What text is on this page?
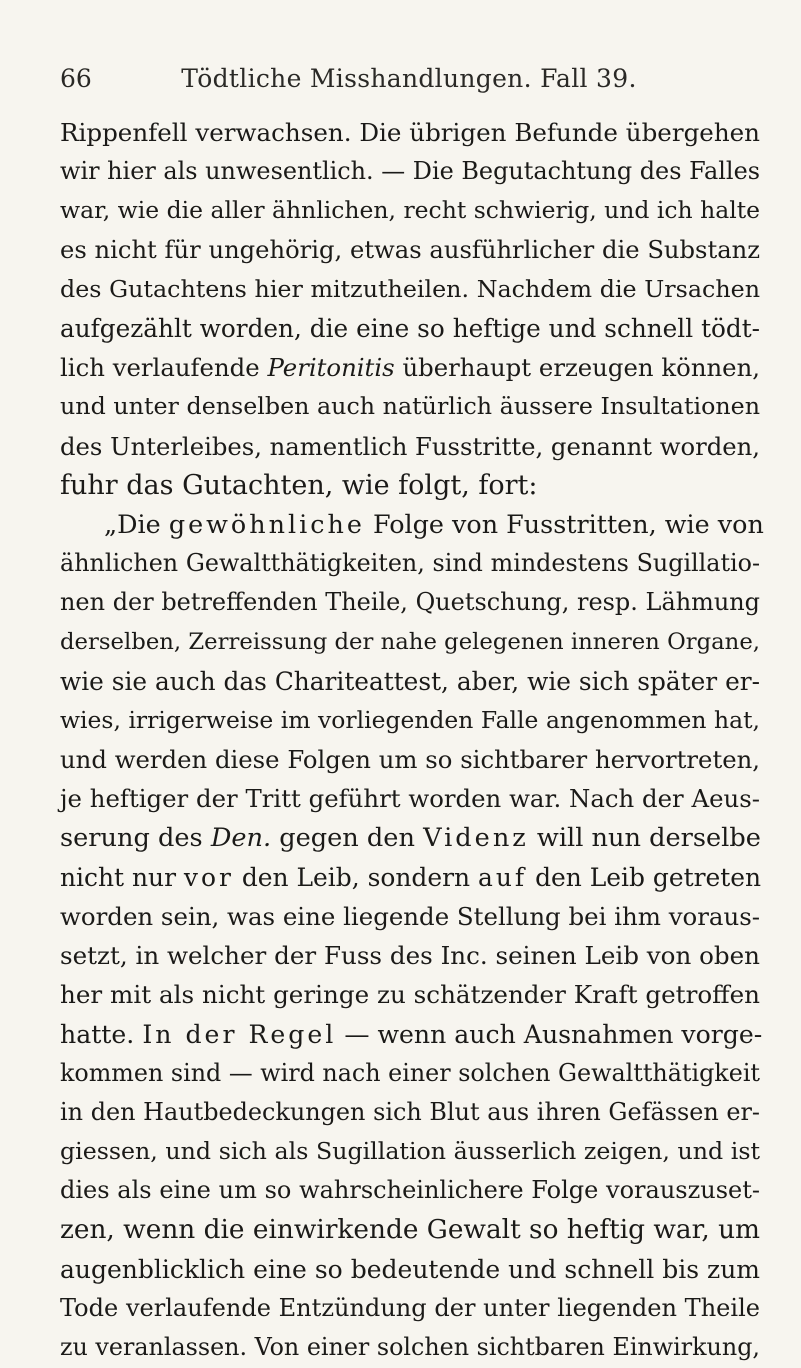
66	Tödtliche Misshandlungen. Fall 39.
Rippenfell verwachsen. Die übrigen Befunde übergehen
wir hier als unwesentlich. — Die Begutachtung des Falles
war, wie die aller ähnlichen, recht schwierig, und ich halte
es nicht für ungehörig, etwas ausführlicher die Substanz
des Gutachtens hier mitzutheilen. Nachdem die Ursachen
aufgezählt worden, die eine so heftige und schnell tödt-
lich verlaufende Peritonitis überhaupt erzeugen können,
und unter denselben auch natürlich äussere Insultationen
des Unterleibes, namentlich Fusstritte, genannt worden,
fuhr das Gutachten, wie folgt, fort:
„Die gewöhnliche Folge von Fusstritten, wie von
ähnlichen Gewaltthätigkeiten, sind mindestens Sugillatio-
nen der betreffenden Theile, Quetschung, resp. Lähmung
derselben, Zerreissung der nahe gelegenen inneren Organe,
wie sie auch das Chariteattest, aber, wie sich später er-
wies, irrigerweise im vorliegenden Falle angenommen hat,
und werden diese Folgen um so sichtbarer hervortreten,
je heftiger der Tritt geführt worden war. Nach der Aeus-
serung des Den. gegen den Videnz will nun derselbe
nicht nur vor den Leib, sondern auf den Leib getreten
worden sein, was eine liegende Stellung bei ihm voraus-
setzt, in welcher der Fuss des Inc. seinen Leib von oben
her mit als nicht geringe zu schätzender Kraft getroffen
hatte. In der Regel — wenn auch Ausnahmen vorge-
kommen sind — wird nach einer solchen Gewaltthätigkeit
in den Hautbedeckungen sich Blut aus ihren Gefässen er-
giessen, und sich als Sugillation äusserlich zeigen, und ist
dies als eine um so wahrscheinlichere Folge vorauszuset-
zen, wenn die einwirkende Gewalt so heftig war, um
augenblicklich eine so bedeutende und schnell bis zum
Tode verlaufende Entzündung der unter liegenden Theile
zu veranlassen. Von einer solchen sichtbaren Einwirkung,
